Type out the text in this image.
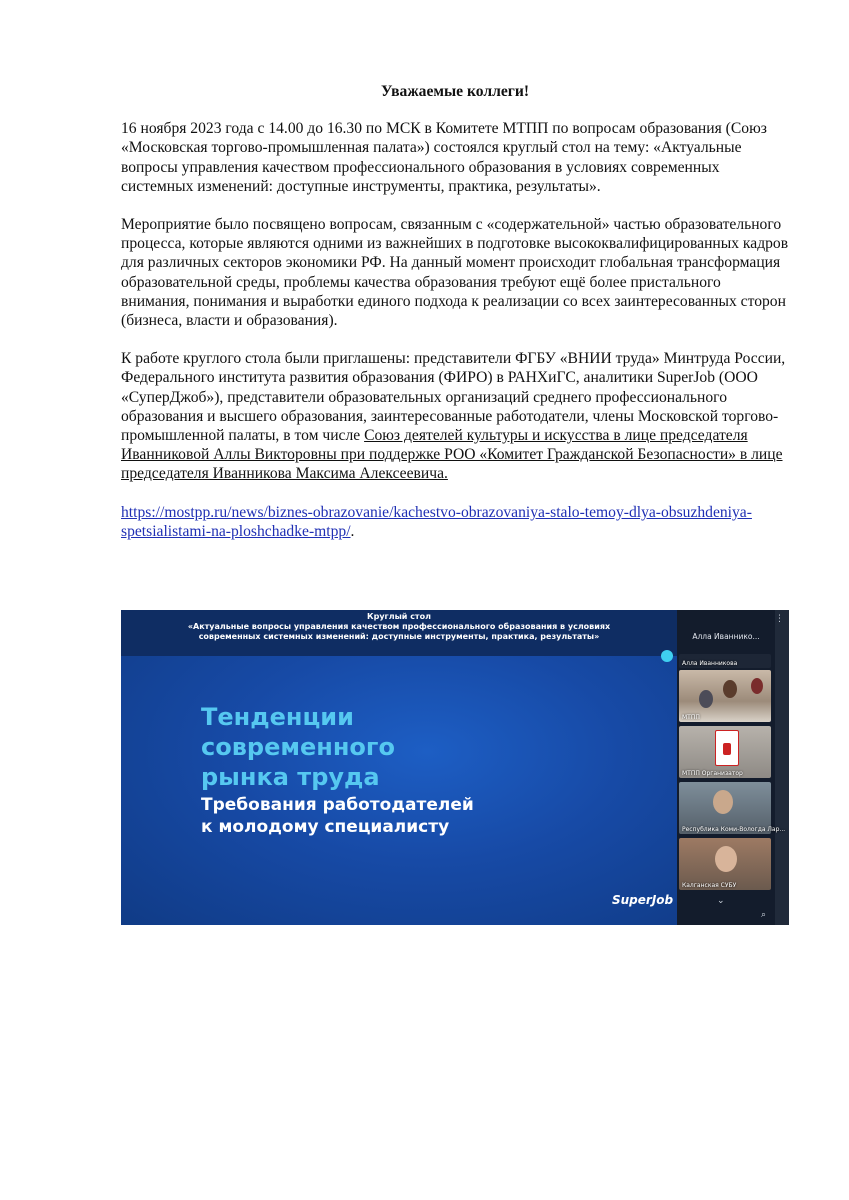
Уважаемые коллеги!

16 ноября 2023 года с 14.00 до 16.30 по МСК в Комитете МТПП по вопросам образования (Союз «Московская торгово-промышленная палата») состоялся круглый стол на тему: «Актуальные вопросы управления качеством профессионального образования в условиях современных системных изменений: доступные инструменты, практика, результаты».

Мероприятие было посвящено вопросам, связанным с «содержательной» частью образовательного процесса, которые являются одними из важнейших в подготовке высококвалифицированных кадров для различных секторов экономики РФ. На данный момент происходит глобальная трансформация образовательной среды, проблемы качества образования требуют ещё более пристального внимания, понимания и выработки единого подхода к реализации со всех заинтересованных сторон (бизнеса, власти и образования).

К работе круглого стола были приглашены: представители ФГБУ «ВНИИ труда» Минтруда России, Федерального института развития образования (ФИРО) в РАНХиГС, аналитики SuperJob (ООО «СуперДжоб»), представители образовательных организаций среднего профессионального образования и высшего образования, заинтересованные работодатели, члены Московской торгово-промышленной палаты, в том числе Союз деятелей культуры и искусства в лице председателя Иванниковой Аллы Викторовны при поддержке РОО «Комитет Гражданской Безопасности» в лице председателя Иванникова Максима Алексеевича.

https://mostpp.ru/news/biznes-obrazovanie/kachestvo-obrazovaniya-stalo-temoy-dlya-obsuzhdeniya-spetsialistami-na-ploshchadke-mtpp/.

Круглый стол
«Актуальные вопросы управления качеством профессионального образования в условиях
современных системных изменений: доступные инструменты, практика, результаты»
Тенденции
современного
рынка труда
Требования работодателей
к молодому специалисту
SuperJob
⋮
Алла Иваннико...
Алла Иванникова
МТПП
МТПП Организатор
Республика Коми-Вологда Лар...
Калганская СУБУ
⌄
⌕
